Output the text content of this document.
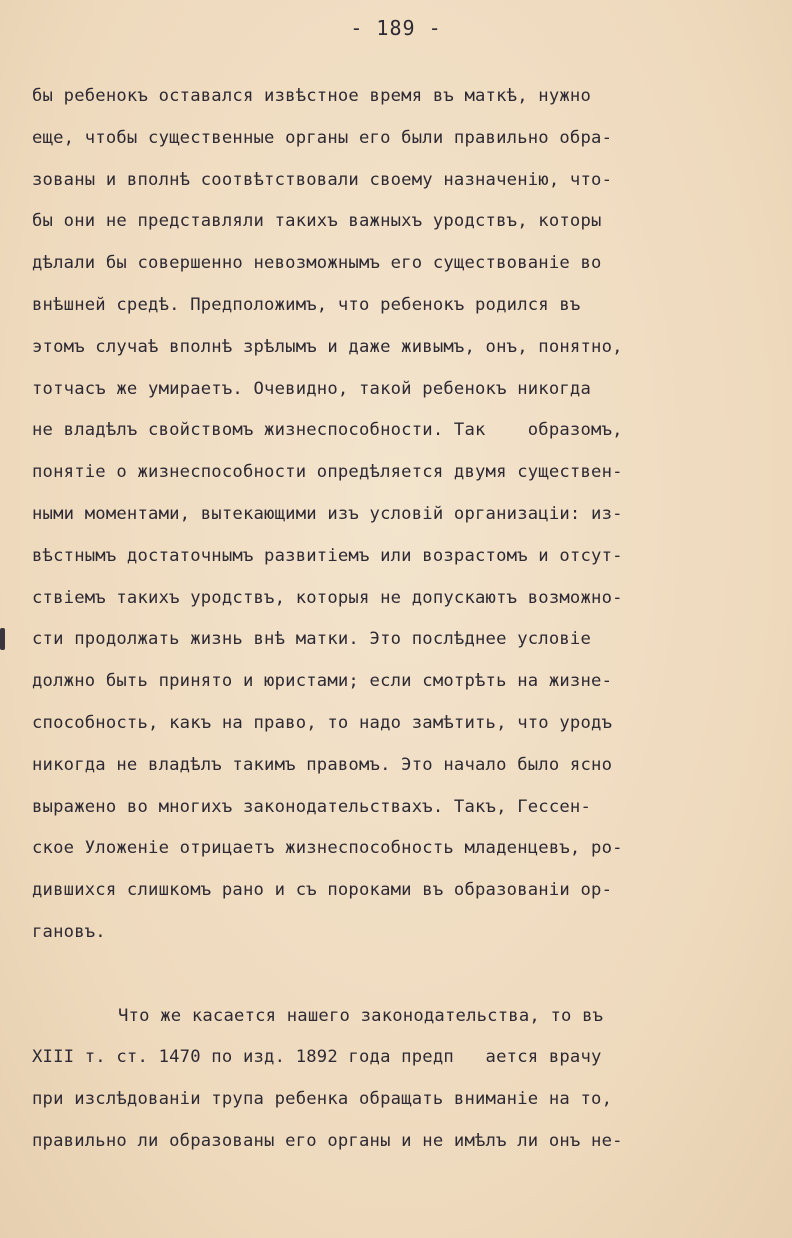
- 189 -
бы ребенокъ оставался извѣстное время въ маткѣ, нужно
еще, чтобы существенные органы его были правильно обра-
зованы и вполнѣ соотвѣтствовали своему назначенію, что-
бы они не представляли такихъ важныхъ уродствъ, которы
дѣлали бы совершенно невозможнымъ его существованіе во
внѣшней средѣ. Предположимъ, что ребенокъ родился въ
этомъ случаѣ вполнѣ зрѣлымъ и даже живымъ, онъ, понятно,
тотчасъ же умираетъ. Очевидно, такой ребенокъ никогда
не владѣлъ свойствомъ жизнеспособности. Так    образомъ,
понятіе о жизнеспособности опредѣляется двумя существен-
ными моментами, вытекающими изъ условій организаціи: из-
вѣстнымъ достаточнымъ развитіемъ или возрастомъ и отсут-
ствіемъ такихъ уродствъ, которыя не допускаютъ возможно-
сти продолжать жизнь внѣ матки. Это послѣднее условіе
должно быть принято и юристами; если смотрѣть на жизне-
способность, какъ на право, то надо замѣтить, что уродъ
никогда не владѣлъ такимъ правомъ. Это начало было ясно
выражено во многихъ законодательствахъ. Такъ, Гессен-
ское Уложеніе отрицаетъ жизнеспособность младенцевъ, ро-
дившихся слишкомъ рано и съ пороками въ образованіи ор-
гановъ.
Что же касается нашего законодательства, то въ
XIII т. ст. 1470 по изд. 1892 года предп   ается врачу
при изслѣдованіи трупа ребенка обращать вниманіе на то,
правильно ли образованы его органы и не имѣлъ ли онъ не-
